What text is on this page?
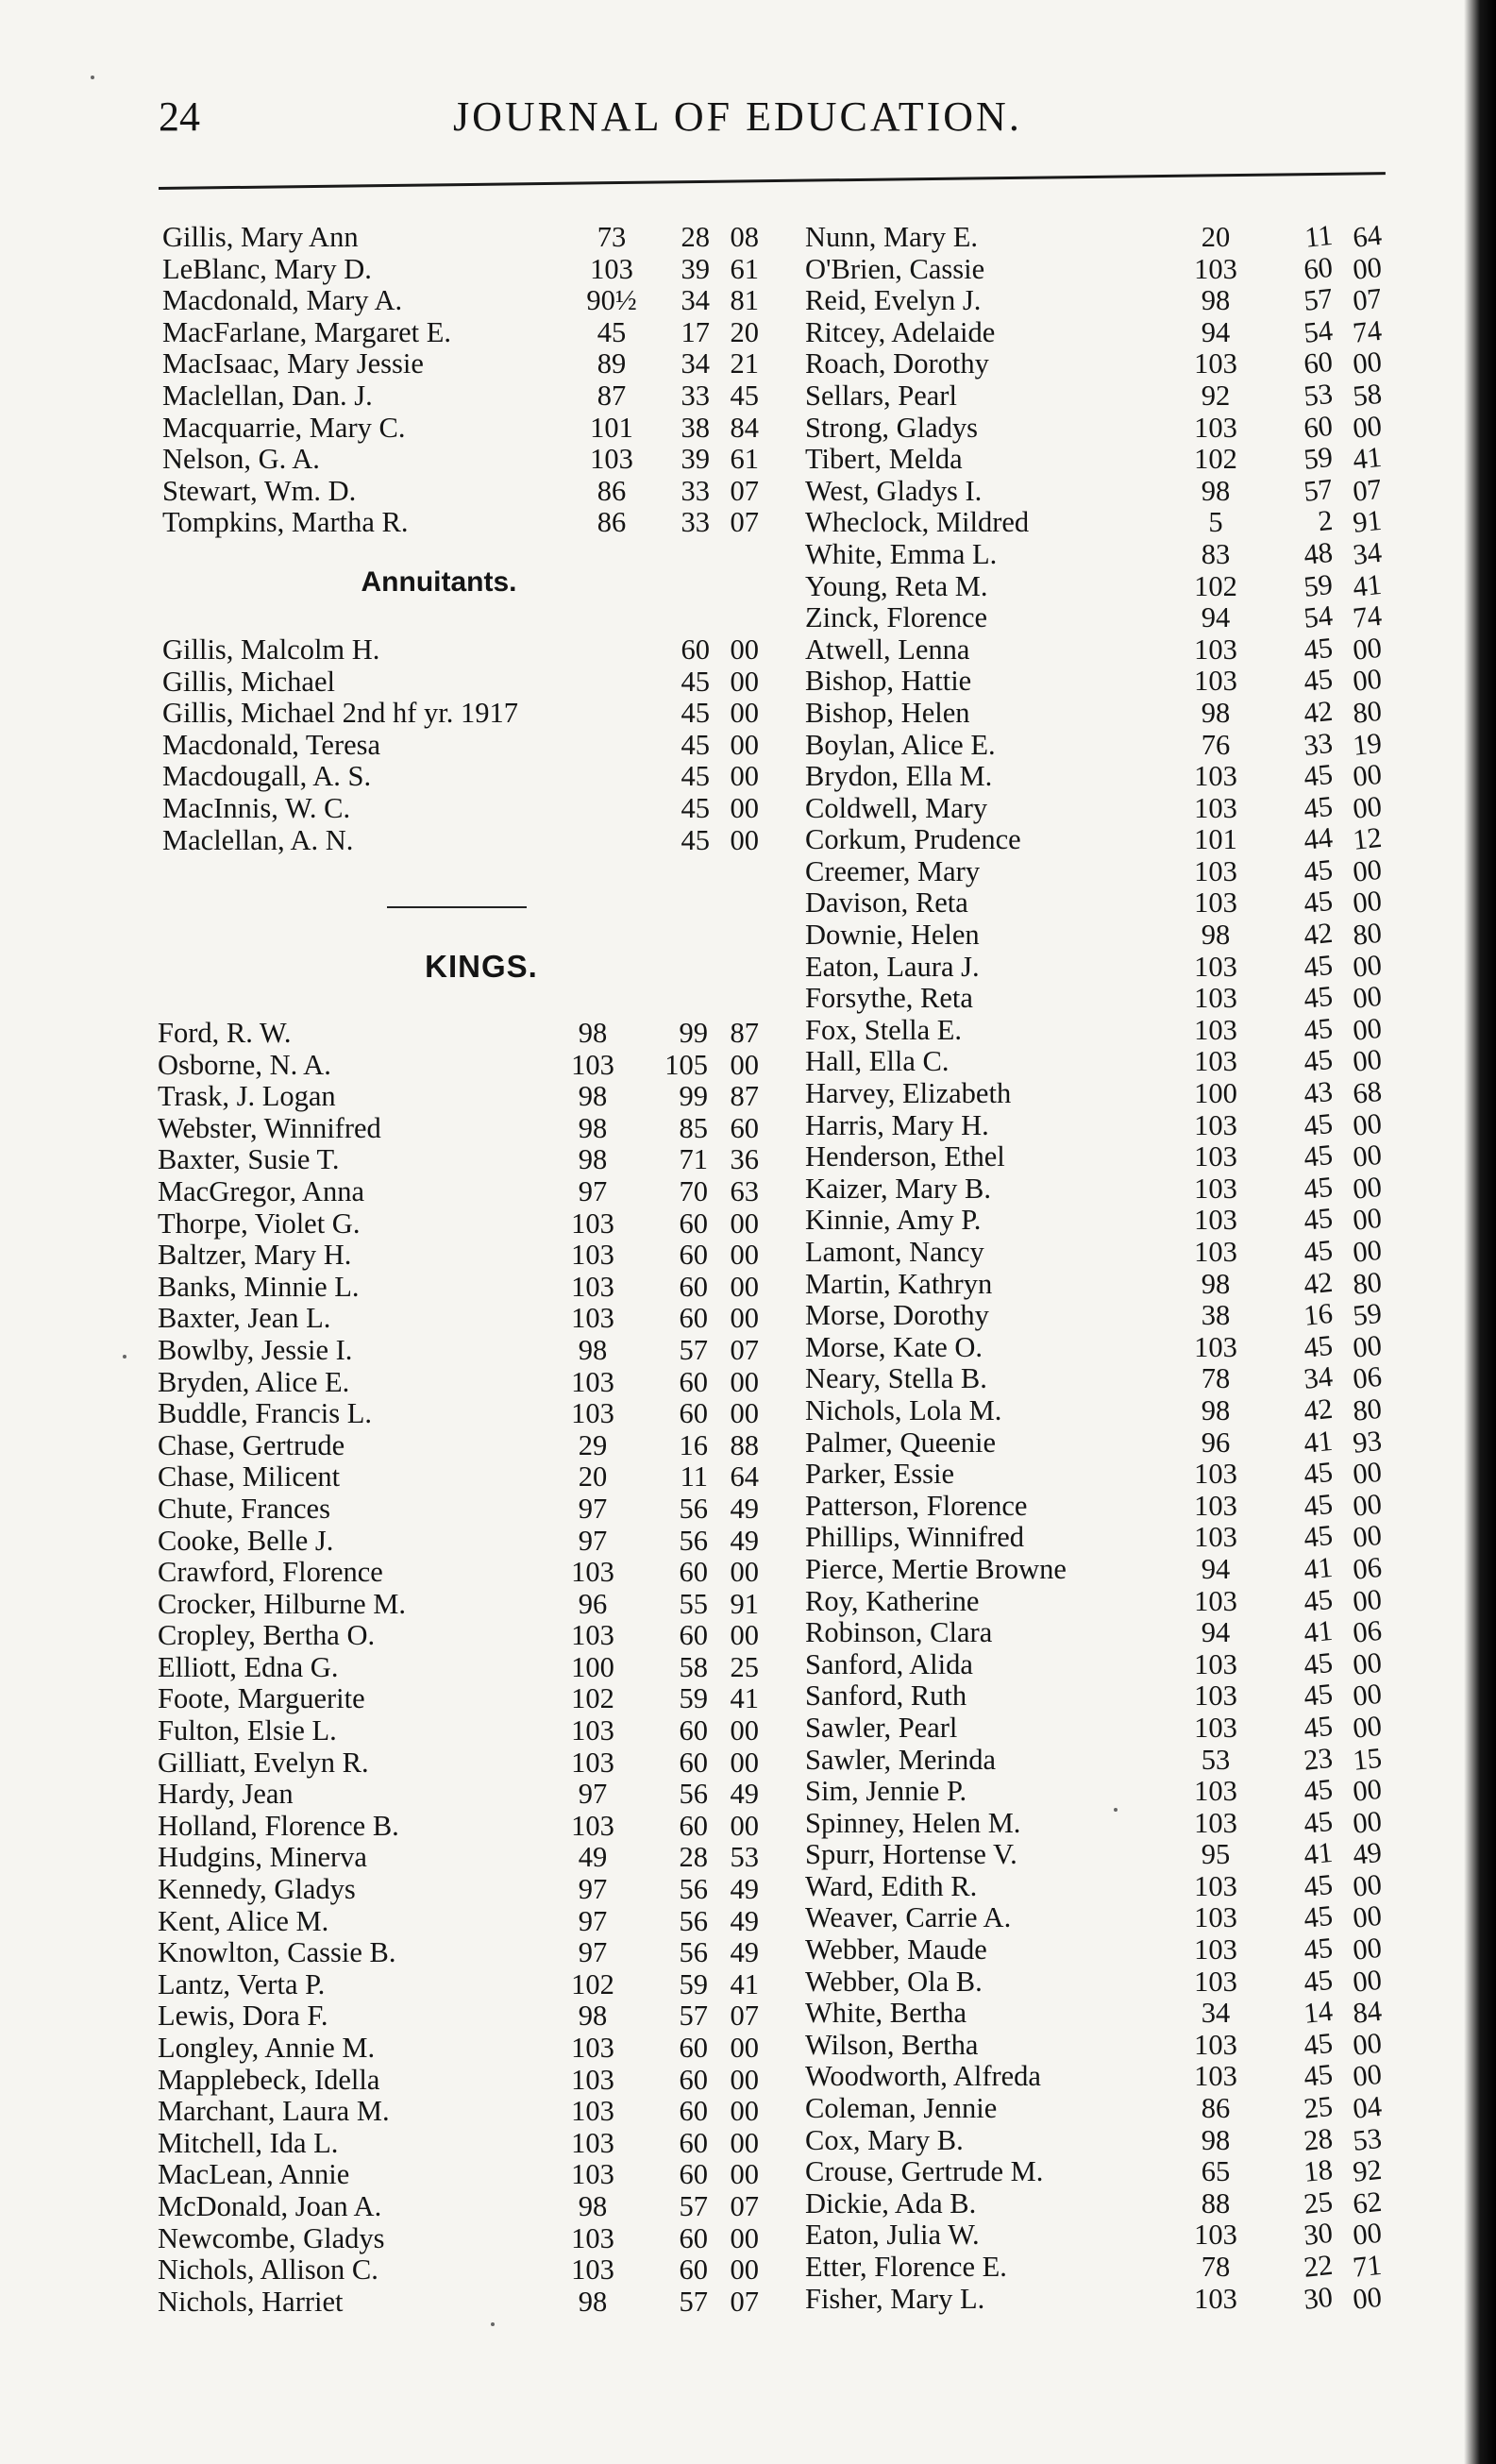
24	JOURNAL OF EDUCATION.
Gillis, Mary Ann	73	28 08
LeBlanc, Mary D.	103	39 61
Macdonald, Mary A.	90½	34 81
MacFarlane, Margaret E.	45	17 20
MacIsaac, Mary Jessie	89	34 21
Maclellan, Dan. J.	87	33 45
Macquarrie, Mary C.	101	38 84
Nelson, G. A.	103	39 61
Stewart, Wm. D.	86	33 07
Tompkins, Martha R.	86	33 07
Annuitants.
Gillis, Malcolm H.	60 00
Gillis, Michael	45 00
Gillis, Michael 2nd hf yr. 1917	45 00
Macdonald, Teresa	45 00
Macdougall, A. S.	45 00
MacInnis, W. C.	45 00
Maclellan, A. N.	45 00
KINGS.
Ford, R. W.	98	99 87
Osborne, N. A.	103	105 00
Trask, J. Logan	98	99 87
Webster, Winnifred	98	85 60
Baxter, Susie T.	98	71 36
MacGregor, Anna	97	70 63
Thorpe, Violet G.	103	60 00
Baltzer, Mary H.	103	60 00
Banks, Minnie L.	103	60 00
Baxter, Jean L.	103	60 00
Bowlby, Jessie I.	98	57 07
Bryden, Alice E.	103	60 00
Buddle, Francis L.	103	60 00
Chase, Gertrude	29	16 88
Chase, Milicent	20	11 64
Chute, Frances	97	56 49
Cooke, Belle J.	97	56 49
Crawford, Florence	103	60 00
Crocker, Hilburne M.	96	55 91
Cropley, Bertha O.	103	60 00
Elliott, Edna G.	100	58 25
Foote, Marguerite	102	59 41
Fulton, Elsie L.	103	60 00
Gilliatt, Evelyn R.	103	60 00
Hardy, Jean	97	56 49
Holland, Florence B.	103	60 00
Hudgins, Minerva	49	28 53
Kennedy, Gladys	97	56 49
Kent, Alice M.	97	56 49
Knowlton, Cassie B.	97	56 49
Lantz, Verta P.	102	59 41
Lewis, Dora F.	98	57 07
Longley, Annie M.	103	60 00
Mapplebeck, Idella	103	60 00
Marchant, Laura M.	103	60 00
Mitchell, Ida L.	103	60 00
MacLean, Annie	103	60 00
McDonald, Joan A.	98	57 07
Newcombe, Gladys	103	60 00
Nichols, Allison C.	103	60 00
Nichols, Harriet	98	57 07
Nunn, Mary E.	20	11 64
O'Brien, Cassie	103	60 00
Reid, Evelyn J.	98	57 07
Ritcey, Adelaide	94	54 74
Roach, Dorothy	103	60 00
Sellars, Pearl	92	53 58
Strong, Gladys	103	60 00
Tibert, Melda	102	59 41
West, Gladys I.	98	57 07
Wheclock, Mildred	5	2 91
White, Emma L.	83	48 34
Young, Reta M.	102	59 41
Zinck, Florence	94	54 74
Atwell, Lenna	103	45 00
Bishop, Hattie	103	45 00
Bishop, Helen	98	42 80
Boylan, Alice E.	76	33 19
Brydon, Ella M.	103	45 00
Coldwell, Mary	103	45 00
Corkum, Prudence	101	44 12
Creemer, Mary	103	45 00
Davison, Reta	103	45 00
Downie, Helen	98	42 80
Eaton, Laura J.	103	45 00
Forsythe, Reta	103	45 00
Fox, Stella E.	103	45 00
Hall, Ella C.	103	45 00
Harvey, Elizabeth	100	43 68
Harris, Mary H.	103	45 00
Henderson, Ethel	103	45 00
Kaizer, Mary B.	103	45 00
Kinnie, Amy P.	103	45 00
Lamont, Nancy	103	45 00
Martin, Kathryn	98	42 80
Morse, Dorothy	38	16 59
Morse, Kate O.	103	45 00
Neary, Stella B.	78	34 06
Nichols, Lola M.	98	42 80
Palmer, Queenie	96	41 93
Parker, Essie	103	45 00
Patterson, Florence	103	45 00
Phillips, Winnifred	103	45 00
Pierce, Mertie Browne	94	41 06
Roy, Katherine	103	45 00
Robinson, Clara	94	41 06
Sanford, Alida	103	45 00
Sanford, Ruth	103	45 00
Sawler, Pearl	103	45 00
Sawler, Merinda	53	23 15
Sim, Jennie P.	103	45 00
Spinney, Helen M.	103	45 00
Spurr, Hortense V.	95	41 49
Ward, Edith R.	103	45 00
Weaver, Carrie A.	103	45 00
Webber, Maude	103	45 00
Webber, Ola B.	103	45 00
White, Bertha	34	14 84
Wilson, Bertha	103	45 00
Woodworth, Alfreda	103	45 00
Coleman, Jennie	86	25 04
Cox, Mary B.	98	28 53
Crouse, Gertrude M.	65	18 92
Dickie, Ada B.	88	25 62
Eaton, Julia W.	103	30 00
Etter, Florence E.	78	22 71
Fisher, Mary L.	103	30 00
